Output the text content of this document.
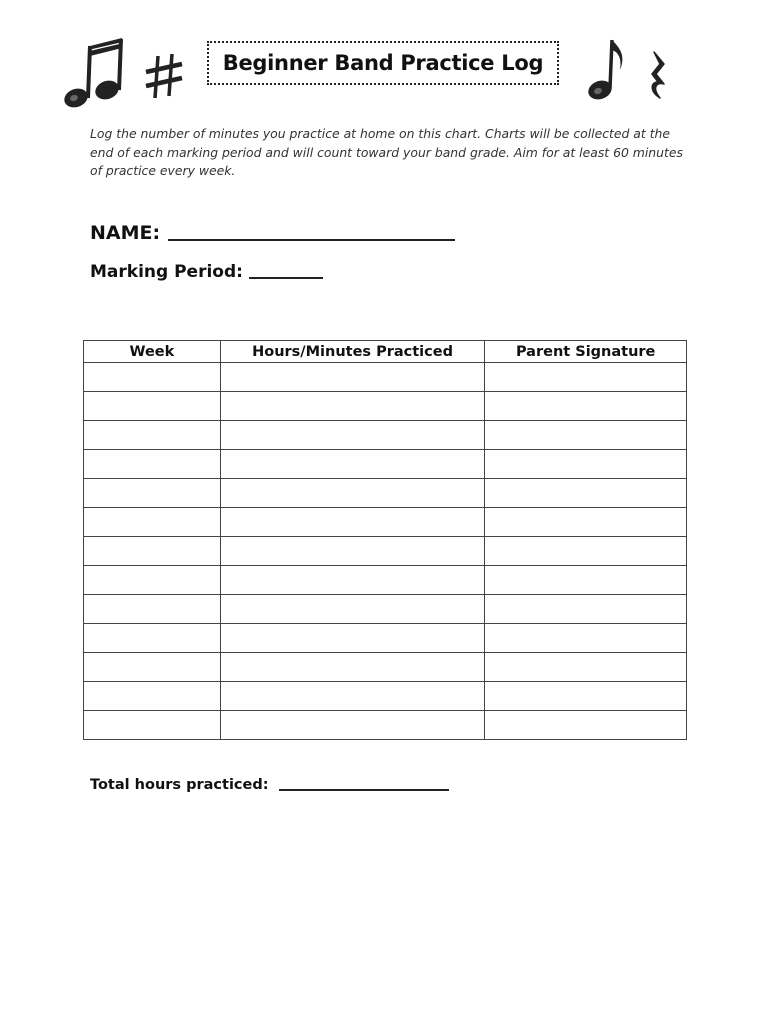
Beginner Band Practice Log
Log the number of minutes you practice at home on this chart. Charts will be collected at the end of each marking period and will count toward your band grade. Aim for at least 60 minutes of practice every week.
NAME:
Marking Period:
Week	Hours/Minutes Practiced	Parent Signature

Total hours practiced:
